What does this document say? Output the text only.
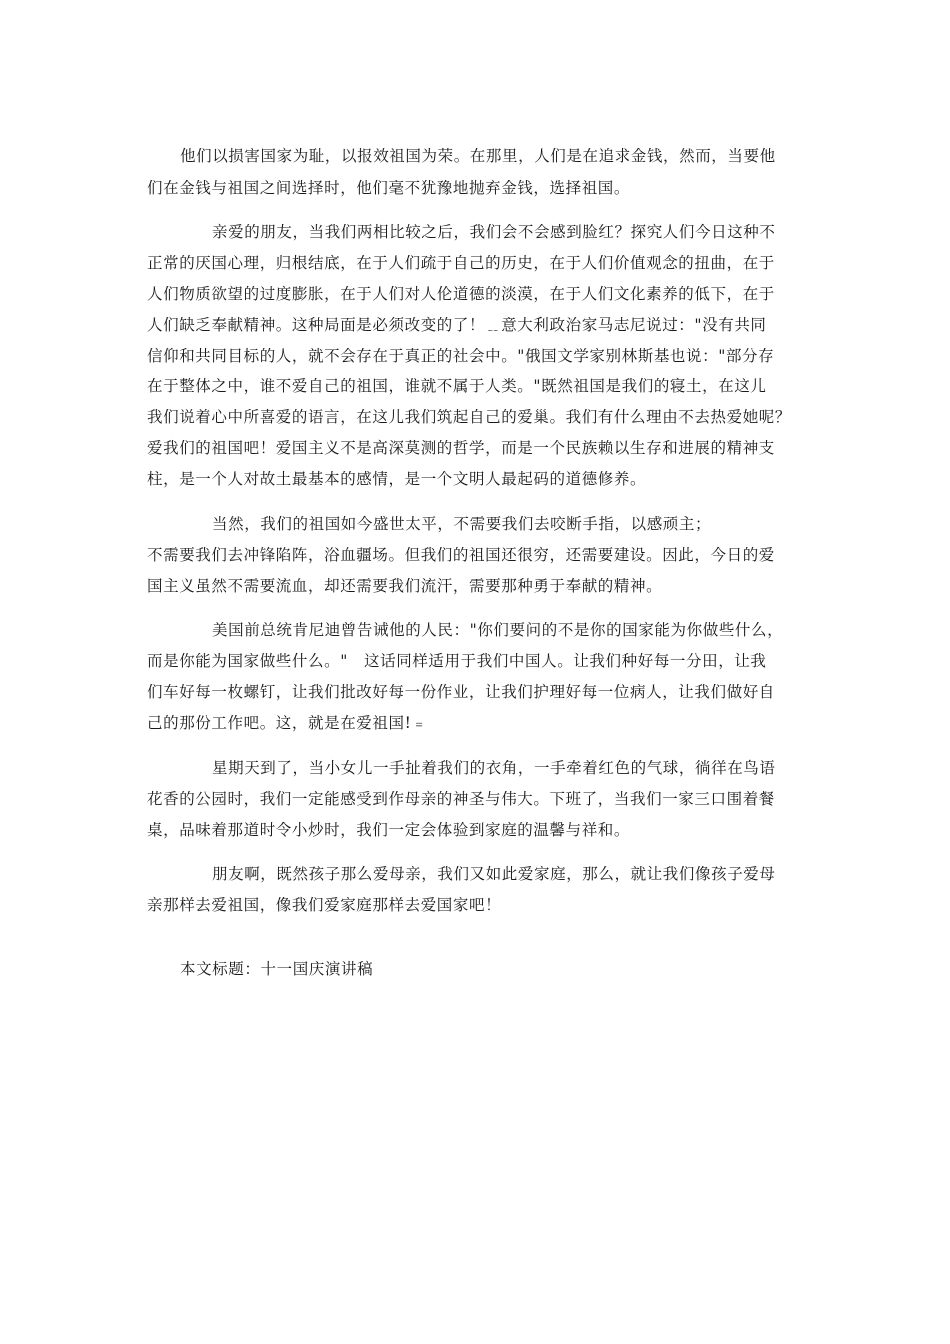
他们以损害国家为耻，以报效祖国为荣。在那里，人们是在追求金钱，然而，当要他
们在金钱与祖国之间选择时，他们毫不犹豫地抛弃金钱，选择祖国。
亲爱的朋友，当我们两相比较之后，我们会不会感到脸红？探究人们今日这种不
正常的厌国心理，归根结底，在于人们疏于自己的历史，在于人们价值观念的扭曲，在于
人们物质欲望的过度膨胀，在于人们对人伦道德的淡漠，在于人们文化素养的低下，在于
人们缺乏奉献精神。这种局面是必须改变的了！﹎意大利政治家马志尼说过："没有共同
信仰和共同目标的人，就不会存在于真正的社会中。"俄国文学家别林斯基也说："部分存
在于整体之中，谁不爱自己的祖国，谁就不属于人类。"既然祖国是我们的寝土，在这儿
我们说着心中所喜爱的语言，在这儿我们筑起自己的爱巢。我们有什么理由不去热爱她呢？
爱我们的祖国吧！爱国主义不是高深莫测的哲学，而是一个民族赖以生存和进展的精神支
柱，是一个人对故土最基本的感情，是一个文明人最起码的道德修养。
当然，我们的祖国如今盛世太平，不需要我们去咬断手指，以感顽主；
不需要我们去冲锋陷阵，浴血疆场。但我们的祖国还很穷，还需要建设。因此，今日的爱
国主义虽然不需要流血，却还需要我们流汗，需要那种勇于奉献的精神。
美国前总统肯尼迪曾告诫他的人民："你们要问的不是你的国家能为你做些什么，
而是你能为国家做些什么。"　这话同样适用于我们中国人。让我们种好每一分田，让我
们车好每一枚螺钉，让我们批改好每一份作业，让我们护理好每一位病人，让我们做好自
己的那份工作吧。这，就是在爱祖国!﹦
星期天到了，当小女儿一手扯着我们的衣角，一手牵着红色的气球，徜徉在鸟语
花香的公园时，我们一定能感受到作母亲的神圣与伟大。下班了，当我们一家三口围着餐
桌，品味着那道时令小炒时，我们一定会体验到家庭的温馨与祥和。
朋友啊，既然孩子那么爱母亲，我们又如此爱家庭，那么，就让我们像孩子爱母
亲那样去爱祖国，像我们爱家庭那样去爱国家吧！
本文标题：十一国庆演讲稿
